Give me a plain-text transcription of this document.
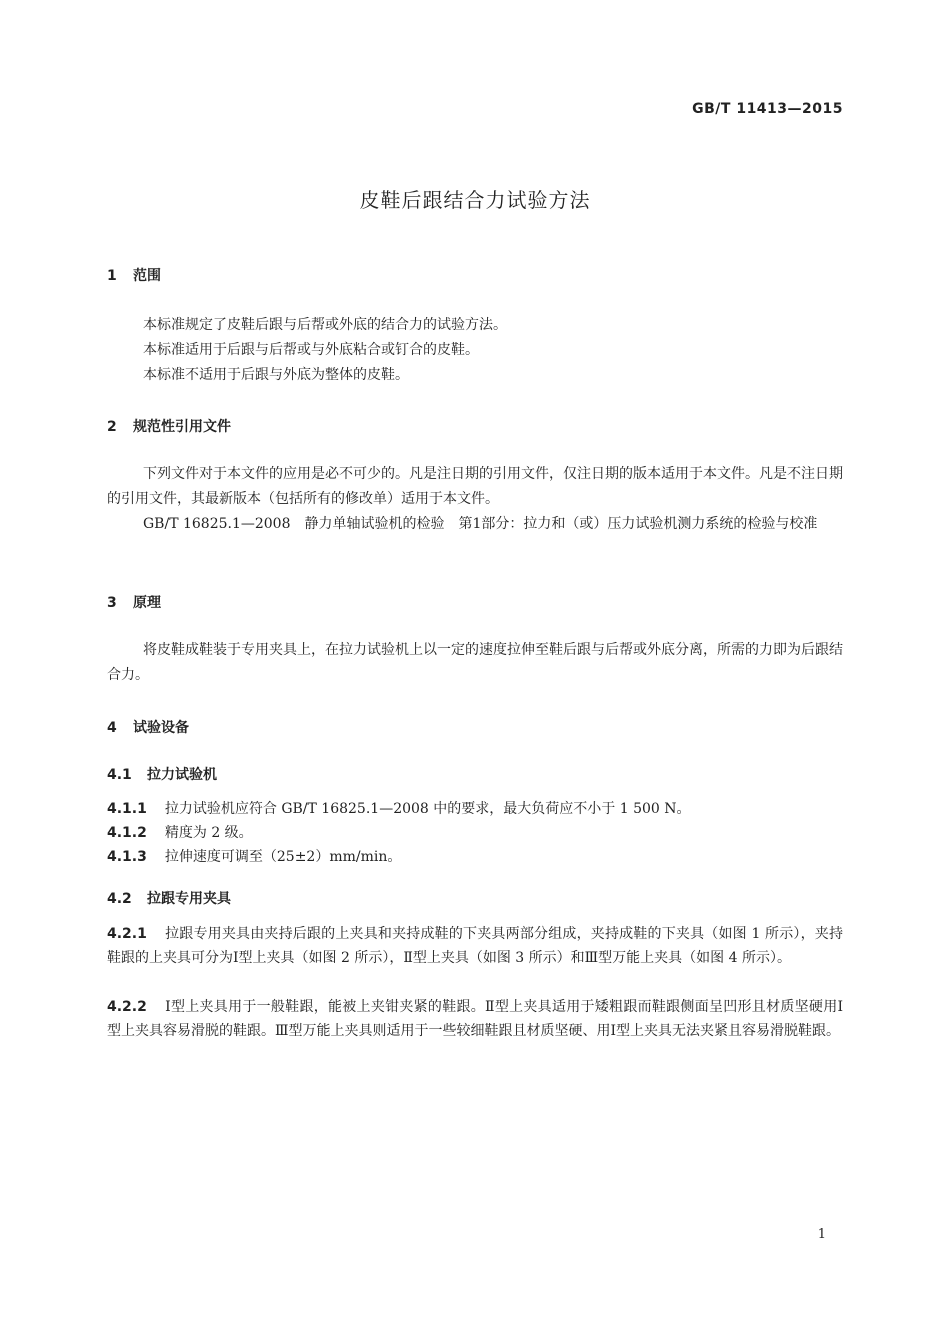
GB/T 11413—2015
皮鞋后跟结合力试验方法
1 范围
本标准规定了皮鞋后跟与后帮或外底的结合力的试验方法。
本标准适用于后跟与后帮或与外底粘合或钉合的皮鞋。
本标准不适用于后跟与外底为整体的皮鞋。
2 规范性引用文件
下列文件对于本文件的应用是必不可少的。凡是注日期的引用文件，仅注日期的版本适用于本文件。凡是不注日期的引用文件，其最新版本（包括所有的修改单）适用于本文件。
GB/T 16825.1—2008　静力单轴试验机的检验　第1部分：拉力和（或）压力试验机测力系统的检验与校准
3 原理
将皮鞋成鞋装于专用夹具上，在拉力试验机上以一定的速度拉伸至鞋后跟与后帮或外底分离，所需的力即为后跟结合力。
4 试验设备
4.1 拉力试验机
4.1.1 拉力试验机应符合 GB/T 16825.1—2008 中的要求，最大负荷应不小于 1 500 N。
4.1.2 精度为 2 级。
4.1.3 拉伸速度可调至（25±2）mm/min。
4.2 拉跟专用夹具
4.2.1 拉跟专用夹具由夹持后跟的上夹具和夹持成鞋的下夹具两部分组成，夹持成鞋的下夹具（如图 1 所示），夹持鞋跟的上夹具可分为Ⅰ型上夹具（如图 2 所示），Ⅱ型上夹具（如图 3 所示）和Ⅲ型万能上夹具（如图 4 所示）。
4.2.2 Ⅰ型上夹具用于一般鞋跟，能被上夹钳夹紧的鞋跟。Ⅱ型上夹具适用于矮粗跟而鞋跟侧面呈凹形且材质坚硬用Ⅰ型上夹具容易滑脱的鞋跟。Ⅲ型万能上夹具则适用于一些较细鞋跟且材质坚硬、用Ⅰ型上夹具无法夹紧且容易滑脱鞋跟。
1
